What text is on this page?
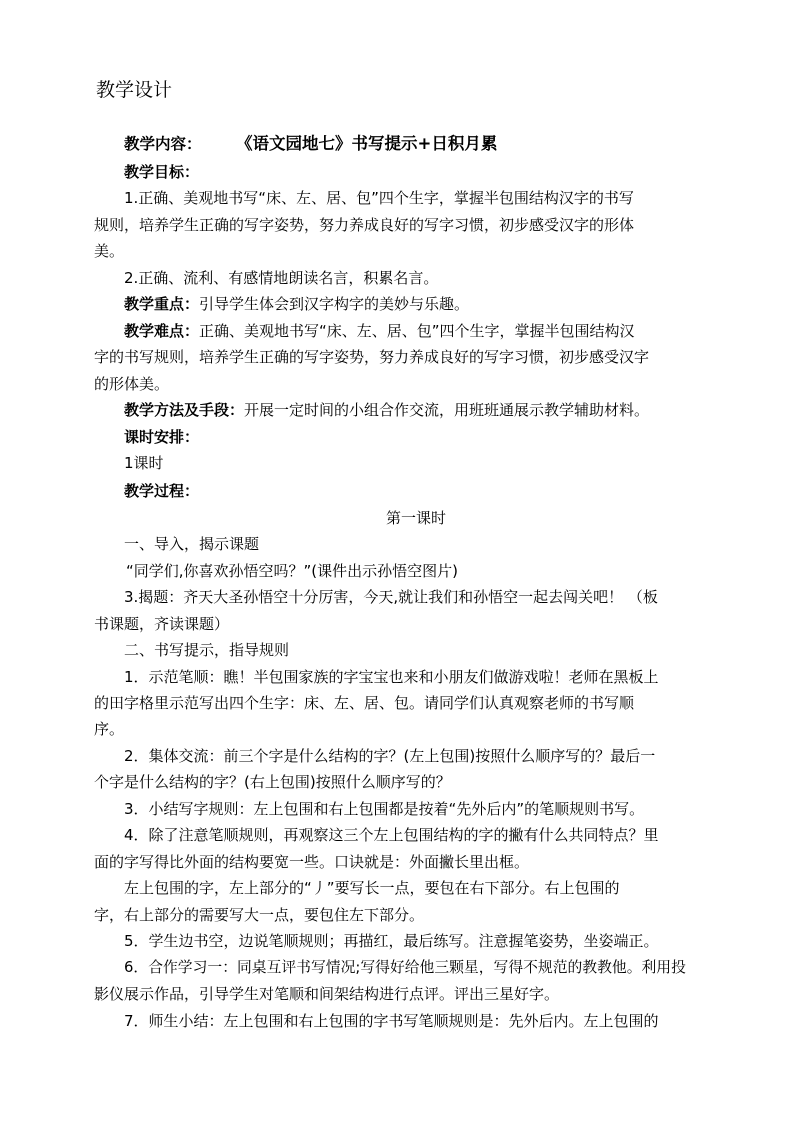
教学设计
教学内容： 《语文园地七》书写提示+日积月累
教学目标：
1.正确、美观地书写“床、左、居、包”四个生字，掌握半包围结构汉字的书写
规则，培养学生正确的写字姿势，努力养成良好的写字习惯，初步感受汉字的形体
美。
2.正确、流利、有感情地朗读名言，积累名言。
教学重点：引导学生体会到汉字构字的美妙与乐趣。
教学难点：正确、美观地书写“床、左、居、包”四个生字，掌握半包围结构汉
字的书写规则，培养学生正确的写字姿势，努力养成良好的写字习惯，初步感受汉字
的形体美。
教学方法及手段：开展一定时间的小组合作交流，用班班通展示教学辅助材料。
课时安排：
1课时
教学过程：
第一课时
一、导入，揭示课题
“同学们,你喜欢孙悟空吗？”(课件出示孙悟空图片)
3.揭题：齐天大圣孙悟空十分厉害，今天,就让我们和孙悟空一起去闯关吧！ （板
书课题，齐读课题）
二、书写提示，指导规则
1．示范笔顺：瞧！半包围家族的字宝宝也来和小朋友们做游戏啦！老师在黑板上
的田字格里示范写出四个生字：床、左、居、包。请同学们认真观察老师的书写顺
序。
2．集体交流：前三个字是什么结构的字？(左上包围)按照什么顺序写的？最后一
个字是什么结构的字？(右上包围)按照什么顺序写的？
3．小结写字规则：左上包围和右上包围都是按着“先外后内”的笔顺规则书写。
4．除了注意笔顺规则，再观察这三个左上包围结构的字的撇有什么共同特点？里
面的字写得比外面的结构要宽一些。口诀就是：外面撇长里出框。
左上包围的字，左上部分的“丿”要写长一点，要包在右下部分。右上包围的
字，右上部分的需要写大一点，要包住左下部分。
5．学生边书空，边说笔顺规则；再描红，最后练写。注意握笔姿势，坐姿端正。
6．合作学习一：同桌互评书写情况;写得好给他三颗星，写得不规范的教教他。利用投
影仪展示作品，引导学生对笔顺和间架结构进行点评。评出三星好字。
7．师生小结：左上包围和右上包围的字书写笔顺规则是：先外后内。左上包围的
